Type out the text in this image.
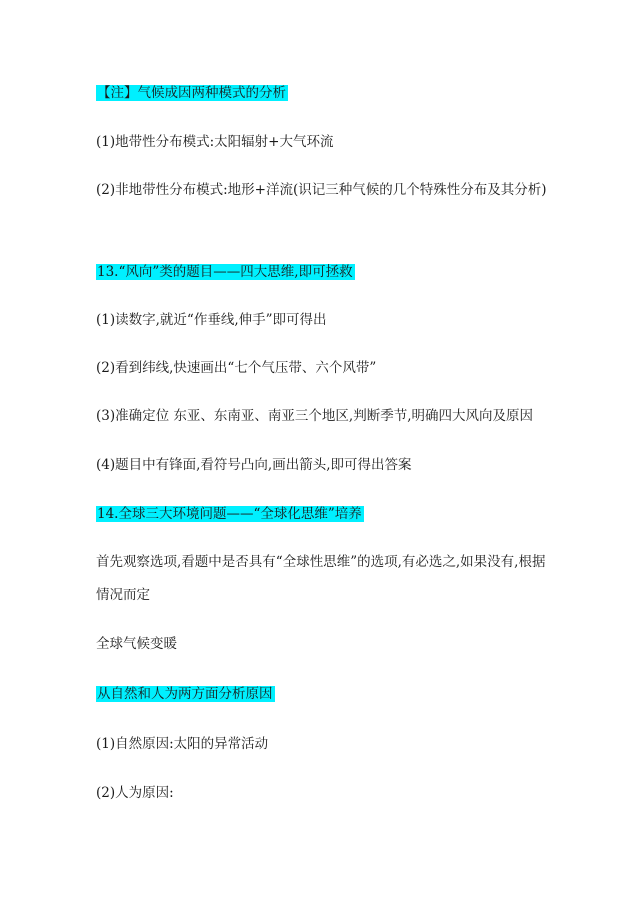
【注】气候成因两种模式的分析
(1)地带性分布模式:太阳辐射+大气环流
(2)非地带性分布模式:地形+洋流(识记三种气候的几个特殊性分布及其分析)
13.“风向”类的题目——四大思维,即可拯救
(1)读数字,就近“作垂线,伸手”即可得出
(2)看到纬线,快速画出“七个气压带、六个风带”
(3)准确定位 东亚、东南亚、南亚三个地区,判断季节,明确四大风向及原因
(4)题目中有锋面,看符号凸向,画出箭头,即可得出答案
14.全球三大环境问题——“全球化思维”培养
首先观察选项,看题中是否具有“全球性思维”的选项,有必选之,如果没有,根据
情况而定
全球气候变暖
从自然和人为两方面分析原因
(1)自然原因:太阳的异常活动
(2)人为原因:
